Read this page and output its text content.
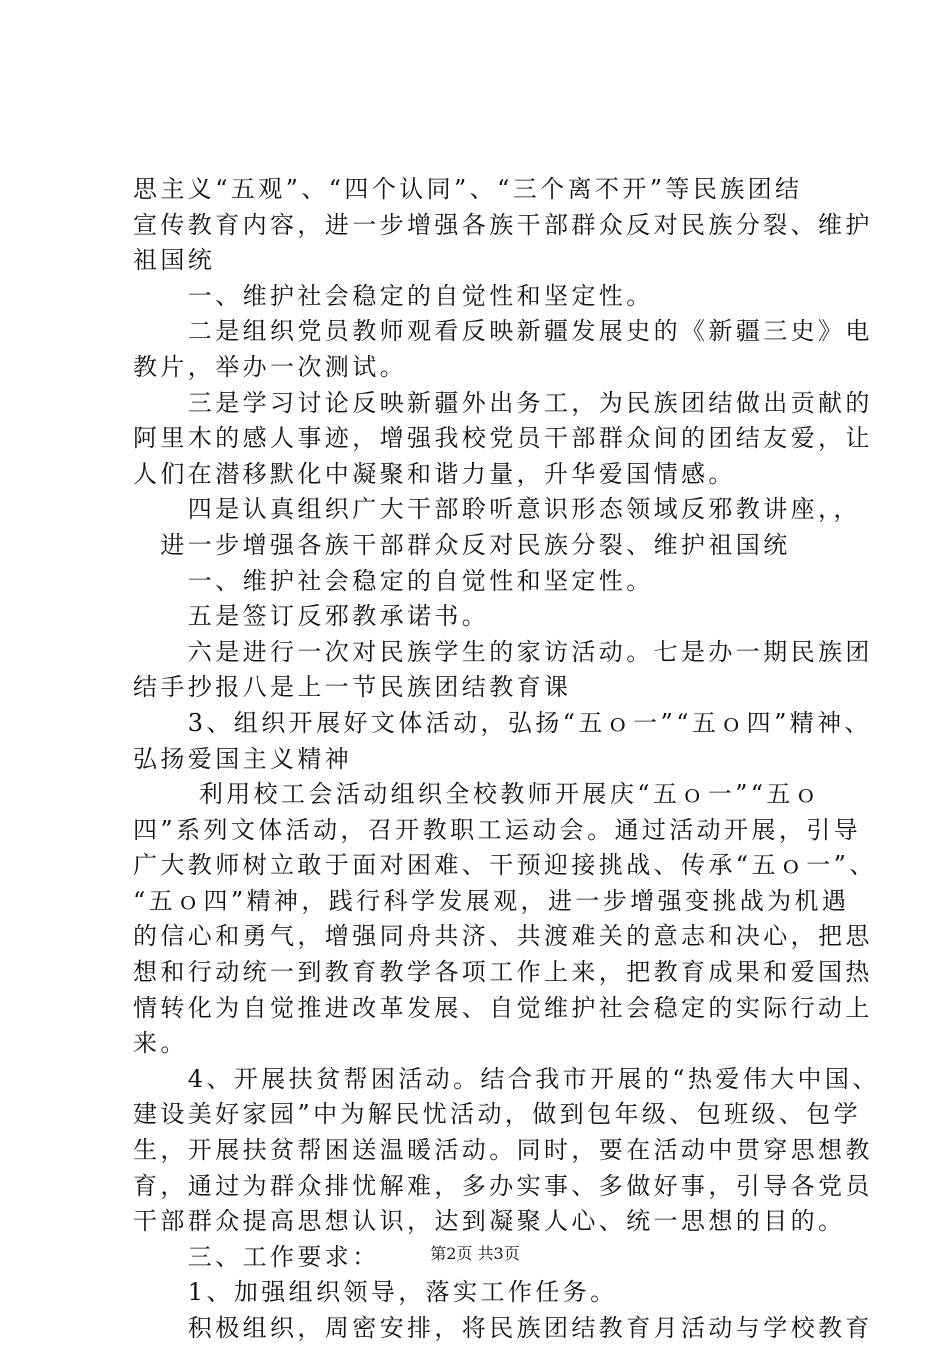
思主义“五观”、“四个认同”、“三个离不开”等民族团结
宣传教育内容，进一步增强各族干部群众反对民族分裂、维护
祖国统
　　一、维护社会稳定的自觉性和坚定性。
　　二是组织党员教师观看反映新疆发展史的《新疆三史》电
教片，举办一次测试。
　　三是学习讨论反映新疆外出务工，为民族团结做出贡献的
阿里木的感人事迹，增强我校党员干部群众间的团结友爱，让
人们在潜移默化中凝聚和谐力量，升华爱国情感。
　　四是认真组织广大干部聆听意识形态领域反邪教讲座，，
　进一步增强各族干部群众反对民族分裂、维护祖国统
　　一、维护社会稳定的自觉性和坚定性。
　　五是签订反邪教承诺书。
　　六是进行一次对民族学生的家访活动。七是办一期民族团
结手抄报八是上一节民族团结教育课
　　3、组织开展好文体活动，弘扬“五ｏ一”“五ｏ四”精神、
弘扬爱国主义精神
　　 利用校工会活动组织全校教师开展庆“五ｏ一”“五ｏ
四”系列文体活动，召开教职工运动会。通过活动开展，引导
广大教师树立敢于面对困难、干预迎接挑战、传承“五ｏ一”、
“五ｏ四”精神，践行科学发展观，进一步增强变挑战为机遇
的信心和勇气，增强同舟共济、共渡难关的意志和决心，把思
想和行动统一到教育教学各项工作上来，把教育成果和爱国热
情转化为自觉推进改革发展、自觉维护社会稳定的实际行动上
来。
　　4、开展扶贫帮困活动。结合我市开展的“热爱伟大中国、
建设美好家园”中为解民忧活动，做到包年级、包班级、包学
生，开展扶贫帮困送温暖活动。同时，要在活动中贯穿思想教
育，通过为群众排忧解难，多办实事、多做好事，引导各党员
干部群众提高思想认识，达到凝聚人心、统一思想的目的。
　　三、工作要求：
　　1、加强组织领导，落实工作任务。
　　积极组织，周密安排，将民族团结教育月活动与学校教育
第2页 共3页
